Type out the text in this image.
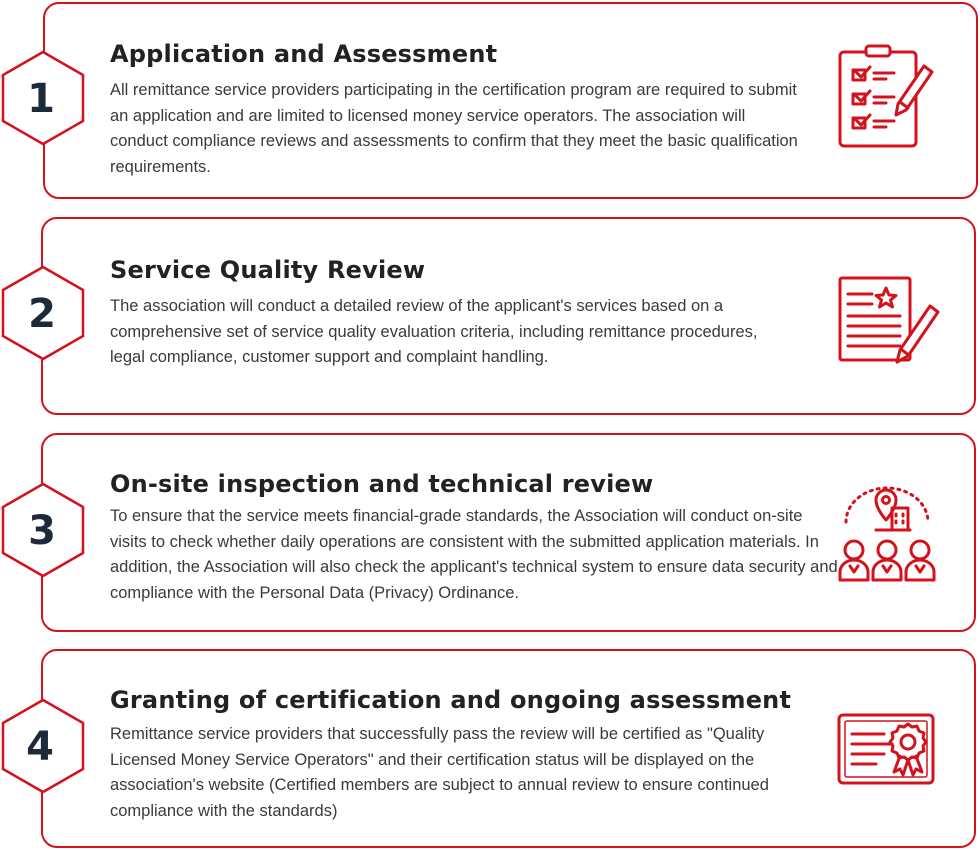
1
Application and Assessment

All remittance service providers participating in the certification program are required to submit an application and are limited to licensed money service operators. The association will conduct compliance reviews and assessments to confirm that they meet the basic qualification requirements.

2
Service Quality Review

The association will conduct a detailed review of the applicant's services based on a comprehensive set of service quality evaluation criteria, including remittance procedures, legal compliance, customer support and complaint handling.

3
On-site inspection and technical review

To ensure that the service meets financial-grade standards, the Association will conduct on-site visits to check whether daily operations are consistent with the submitted application materials. In addition, the Association will also check the applicant's technical system to ensure data security and compliance with the Personal Data (Privacy) Ordinance.

4
Granting of certification and ongoing assessment

Remittance service providers that successfully pass the review will be certified as "Quality Licensed Money Service Operators" and their certification status will be displayed on the association's website (Certified members are subject to annual review to ensure continued compliance with the standards)
